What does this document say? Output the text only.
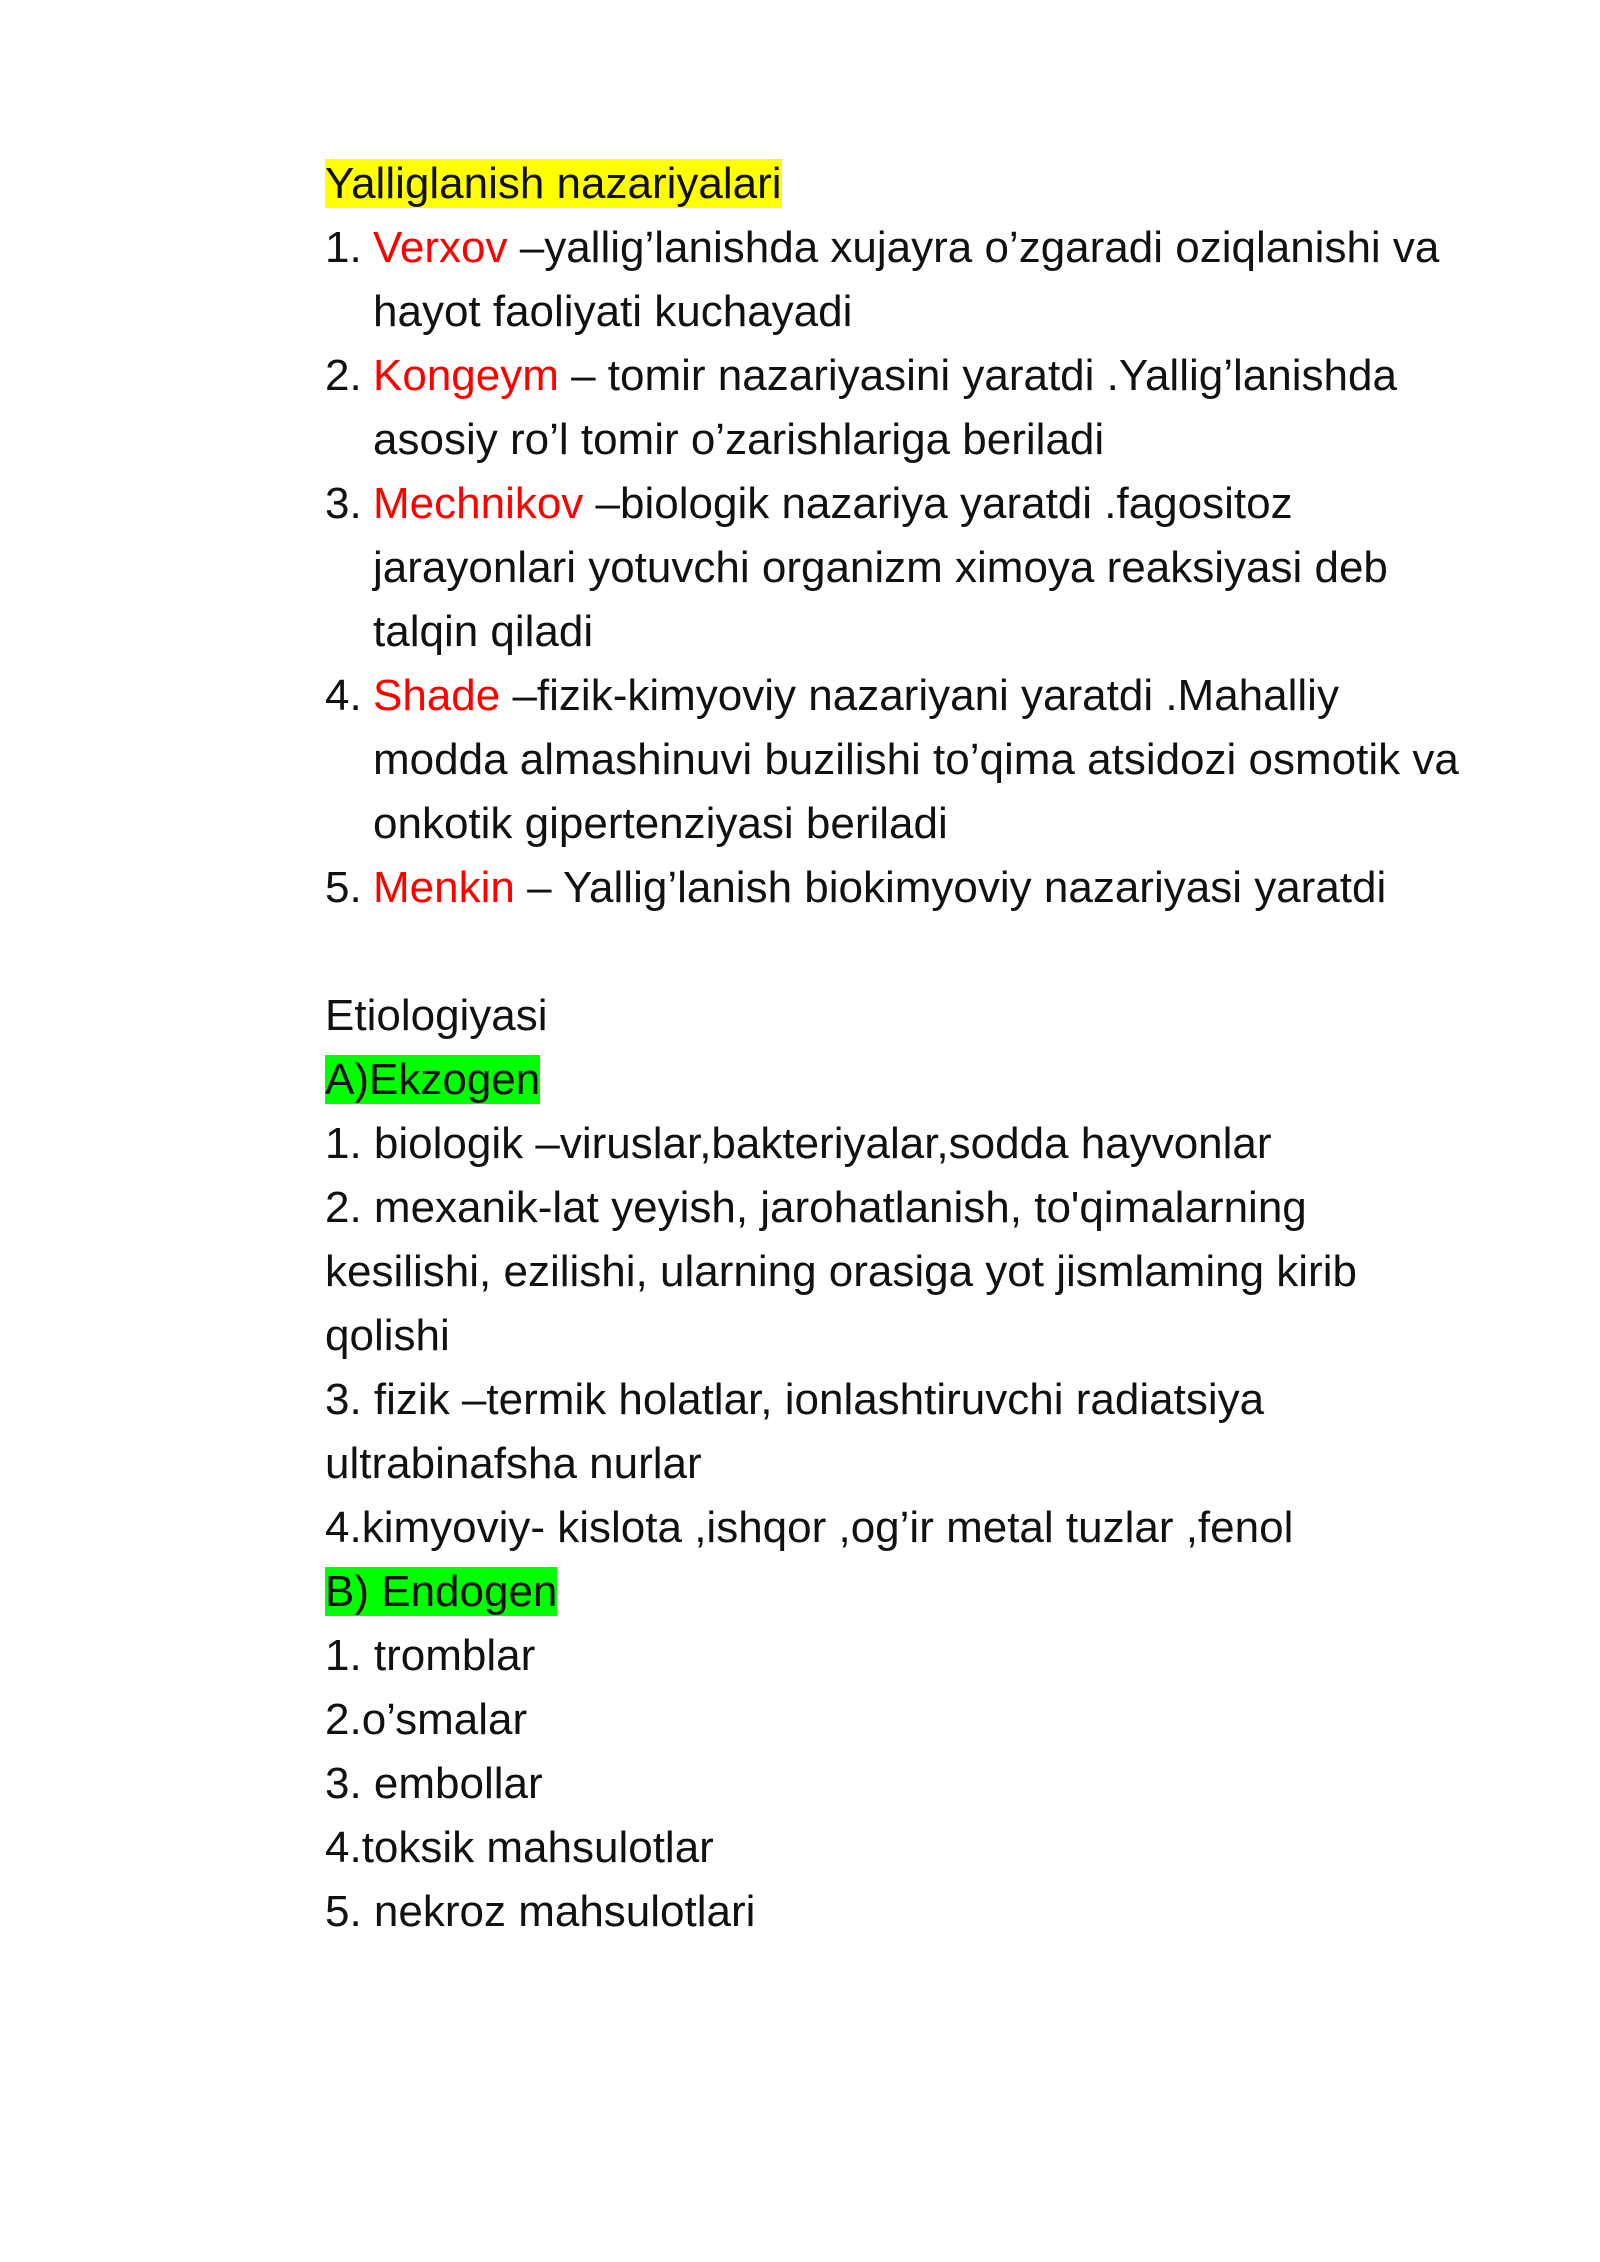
Yalliglanish nazariyalari
1. Verxov –yallig’lanishda xujayra o’zgaradi oziqlanishi va
hayot faoliyati kuchayadi
2. Kongeym – tomir nazariyasini yaratdi .Yallig’lanishda
asosiy ro’l tomir o’zarishlariga beriladi
3. Mechnikov –biologik nazariya yaratdi .fagositoz
jarayonlari yotuvchi organizm ximoya reaksiyasi deb
talqin qiladi
4. Shade –fizik-kimyoviy nazariyani yaratdi .Mahalliy
modda almashinuvi buzilishi to’qima atsidozi osmotik va
onkotik gipertenziyasi beriladi
5. Menkin – Yallig’lanish biokimyoviy nazariyasi yaratdi
Etiologiyasi
A)Ekzogen
1. biologik –viruslar,bakteriyalar,sodda hayvonlar
2. mexanik-lat yeyish, jarohatlanish, to'qimalarning
kesilishi, ezilishi, ularning orasiga yot jismlaming kirib
qolishi
3. fizik –termik holatlar, ionlashtiruvchi radiatsiya
ultrabinafsha nurlar
4.kimyoviy- kislota ,ishqor ,og’ir metal tuzlar ,fenol
B) Endogen
1. tromblar
2.o’smalar
3. embollar
4.toksik mahsulotlar
5. nekroz mahsulotlari
